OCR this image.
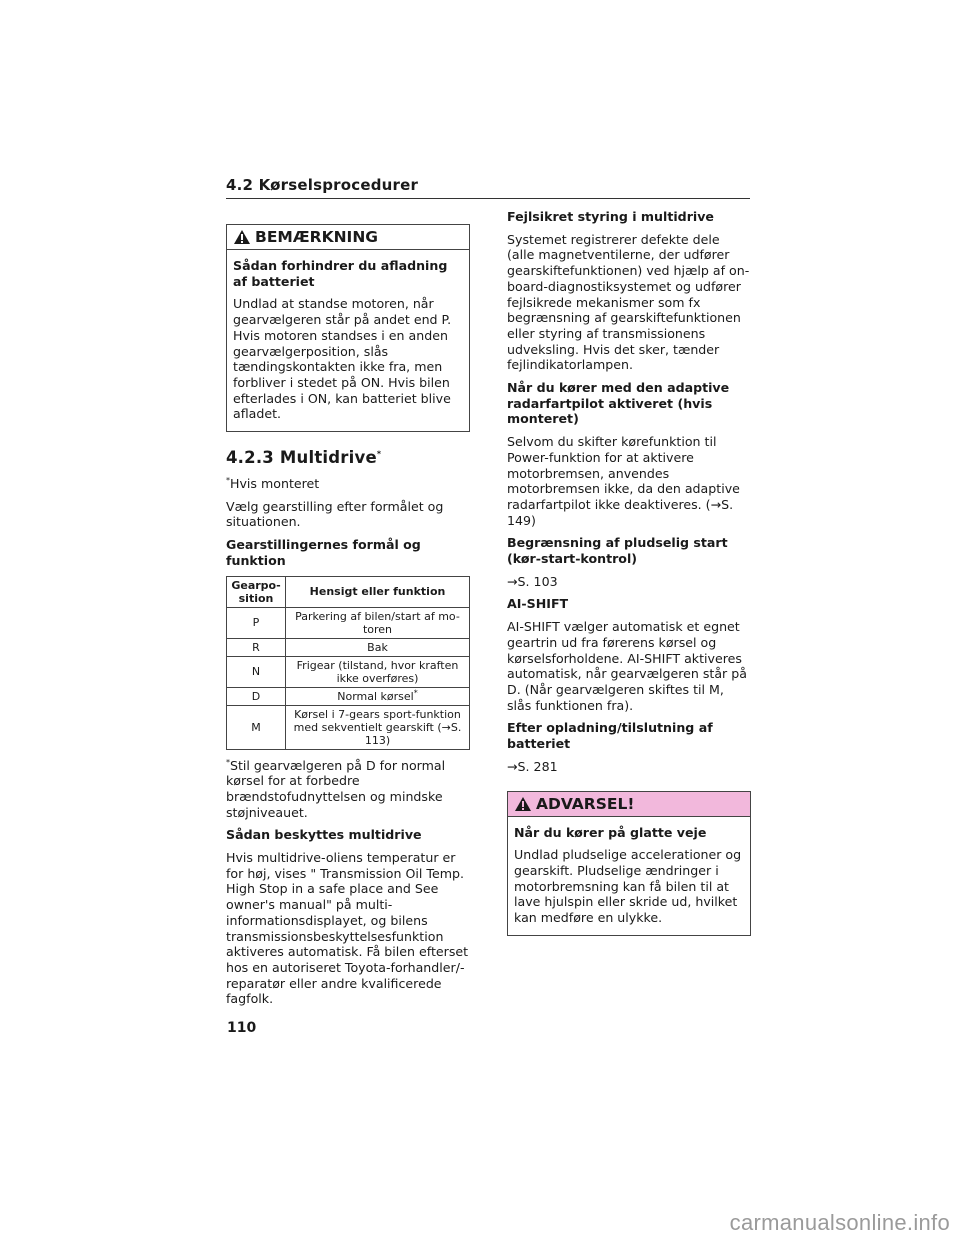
4.2 Kørselsprocedurer
BEMÆRKNING
Sådan forhindrer du afladning af batteriet

Undlad at standse motoren, når gearvælgeren står på andet end P. Hvis motoren standses i en anden gearvælgerposition, slås tændingskontakten ikke fra, men forbliver i stedet på ON. Hvis bilen efterlades i ON, kan batteriet blive afladet.

4.2.3 Multidrive*

*Hvis monteret

Vælg gearstilling efter formålet og situationen.

Gearstillingernes formål og funktion
Gearpo-sition	Hensigt eller funktion
P	Parkering af bilen/start af mo-toren
R	Bak
N	Frigear (tilstand, hvor kraften ikke overføres)
D	Normal kørsel*
M	Kørsel i 7-gears sport-funktion med sekventielt gearskift (→S. 113)

*Stil gearvælgeren på D for normal kørsel for at forbedre brændstofudnyttelsen og mindske støjniveauet.

Sådan beskyttes multidrive

Hvis multidrive-oliens temperatur er for høj, vises " Transmission Oil Temp. High Stop in a safe place and See owner's manual" på multi-informationsdisplayet, og bilens transmissionsbeskyttelsesfunktion aktiveres automatisk. Få bilen efterset hos en autoriseret Toyota-forhandler/-reparatør eller andre kvalificerede fagfolk.

Fejlsikret styring i multidrive

Systemet registrerer defekte dele (alle magnetventilerne, der udfører gearskiftefunktionen) ved hjælp af on-board-diagnostiksystemet og udfører fejlsikrede mekanismer som fx begrænsning af gearskiftefunktionen eller styring af transmissionens udveksling. Hvis det sker, tænder fejlindikatorlampen.

Når du kører med den adaptive radarfartpilot aktiveret (hvis monteret)

Selvom du skifter kørefunktion til Power-funktion for at aktivere motorbremsen, anvendes motorbremsen ikke, da den adaptive radarfartpilot ikke deaktiveres. (→S. 149)

Begrænsning af pludselig start (kør-start-kontrol)

→S. 103

AI-SHIFT

AI-SHIFT vælger automatisk et egnet geartrin ud fra førerens kørsel og kørselsforholdene. AI-SHIFT aktiveres automatisk, når gearvælgeren står på D. (Når gearvælgeren skiftes til M, slås funktionen fra).

Efter opladning/tilslutning af batteriet

→S. 281

ADVARSEL!
Når du kører på glatte veje

Undlad pludselige accelerationer og gearskift. Pludselige ændringer i motorbremsning kan få bilen til at lave hjulspin eller skride ud, hvilket kan medføre en ulykke.

110
carmanualsonline.info
